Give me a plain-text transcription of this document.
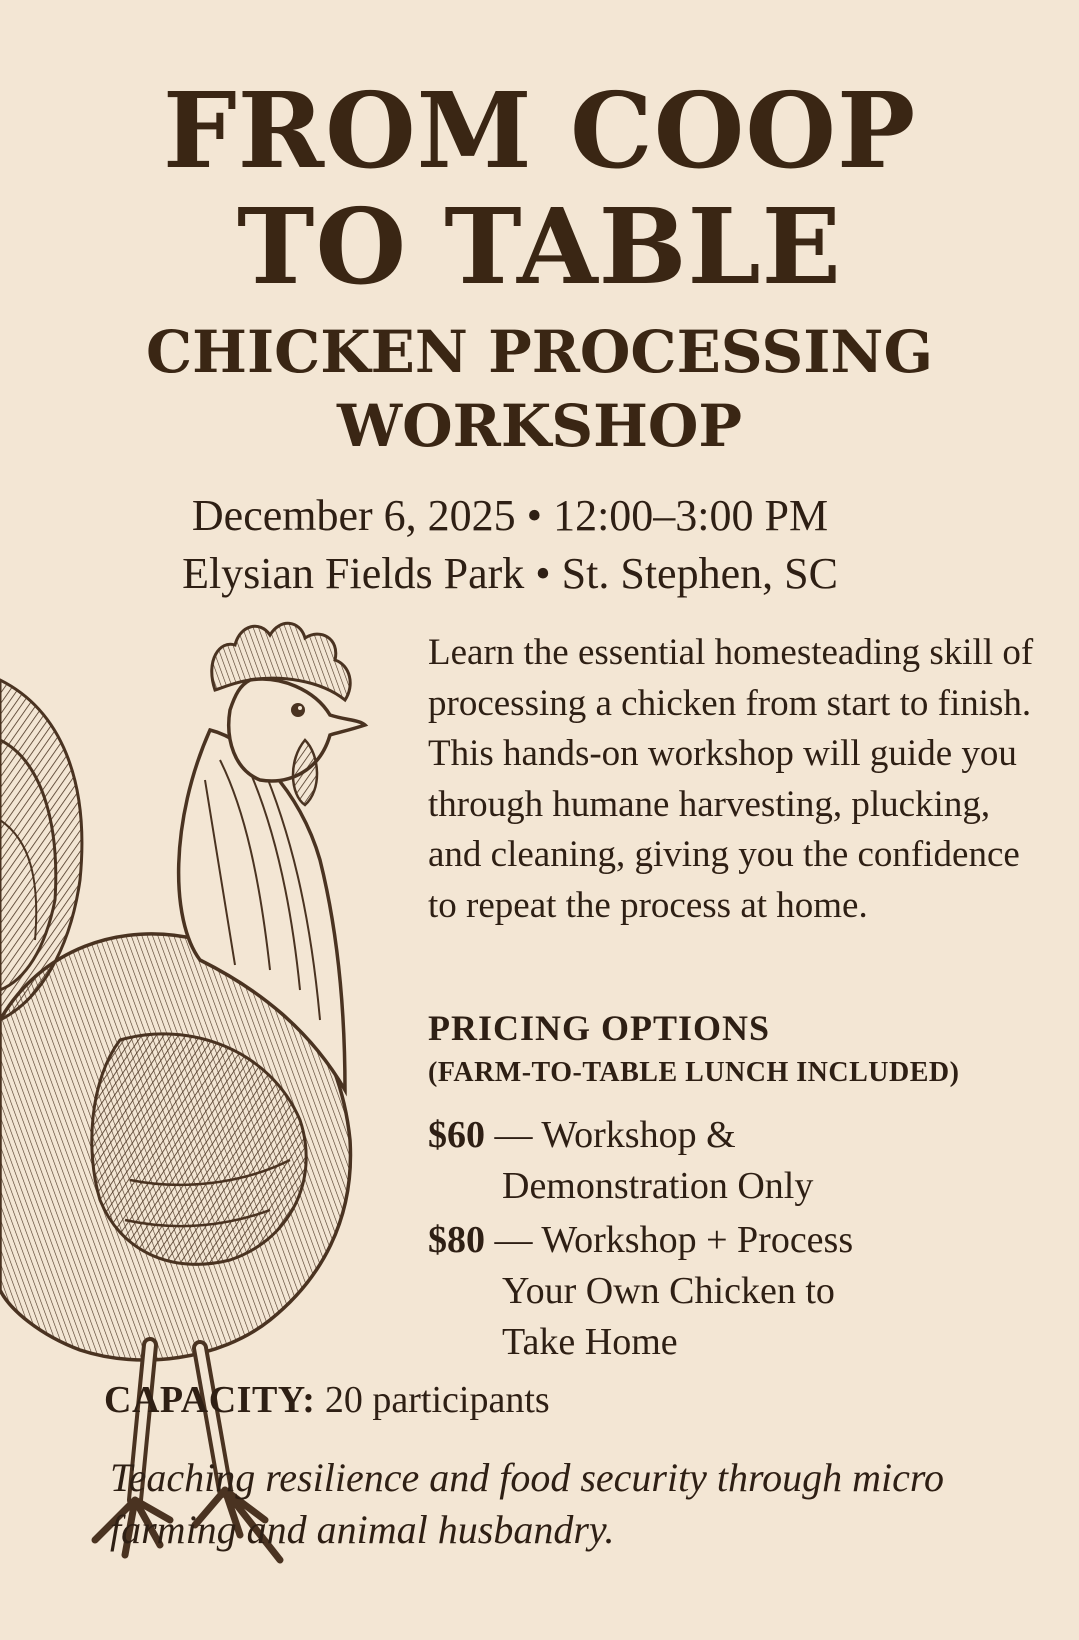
FROM COOP
TO TABLE
CHICKEN PROCESSING
WORKSHOP
December 6, 2025 • 12:00–3:00 PM
Elysian Fields Park • St. Stephen, SC
Learn the essential homesteading skill of processing a chicken from start to finish. This hands-on workshop will guide you through humane harvesting, plucking, and cleaning, giving you the confidence to repeat the process at home.
PRICING OPTIONS
(FARM-TO-TABLE LUNCH INCLUDED)
$60 — Workshop &
Demonstration Only
$80 — Workshop + Process
Your Own Chicken to Take Home
CAPACITY: 20 participants
Teaching resilience and food security through micro farming and animal husbandry.
